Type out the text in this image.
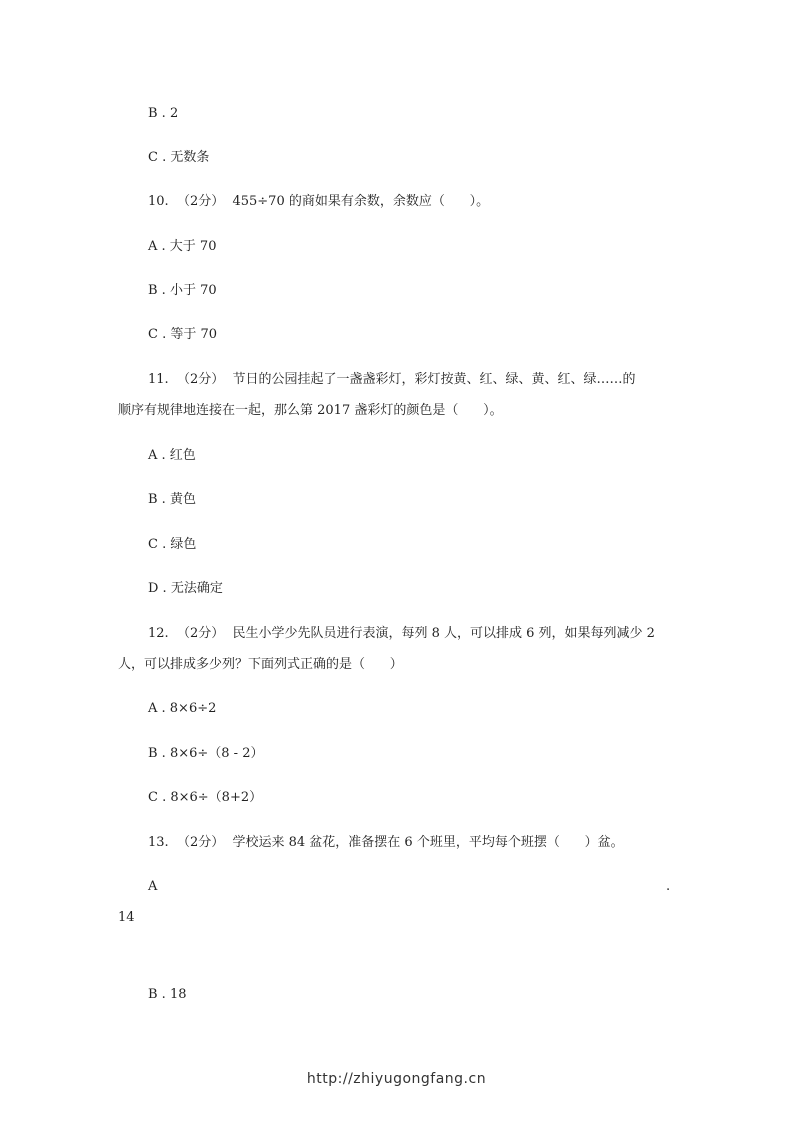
B . 2
C . 无数条
10.  （2分）  455÷70 的商如果有余数，余数应（      ）。
A . 大于 70
B . 小于 70
C . 等于 70
11.  （2分）  节日的公园挂起了一盏盏彩灯，彩灯按黄、红、绿、黄、红、绿……的
顺序有规律地连接在一起，那么第 2017 盏彩灯的颜色是（      ）。
A . 红色
B . 黄色
C . 绿色
D . 无法确定
12.  （2分）  民生小学少先队员进行表演，每列 8 人，可以排成 6 列，如果每列减少 2
人，可以排成多少列？下面列式正确的是（      ）
A . 8×6÷2
B . 8×6÷（8 - 2）
C . 8×6÷（8+2）
13.  （2分）  学校运来 84 盆花，准备摆在 6 个班里，平均每个班摆（      ）盆。
A	.
14
B . 18
http://zhiyugongfang.cn
